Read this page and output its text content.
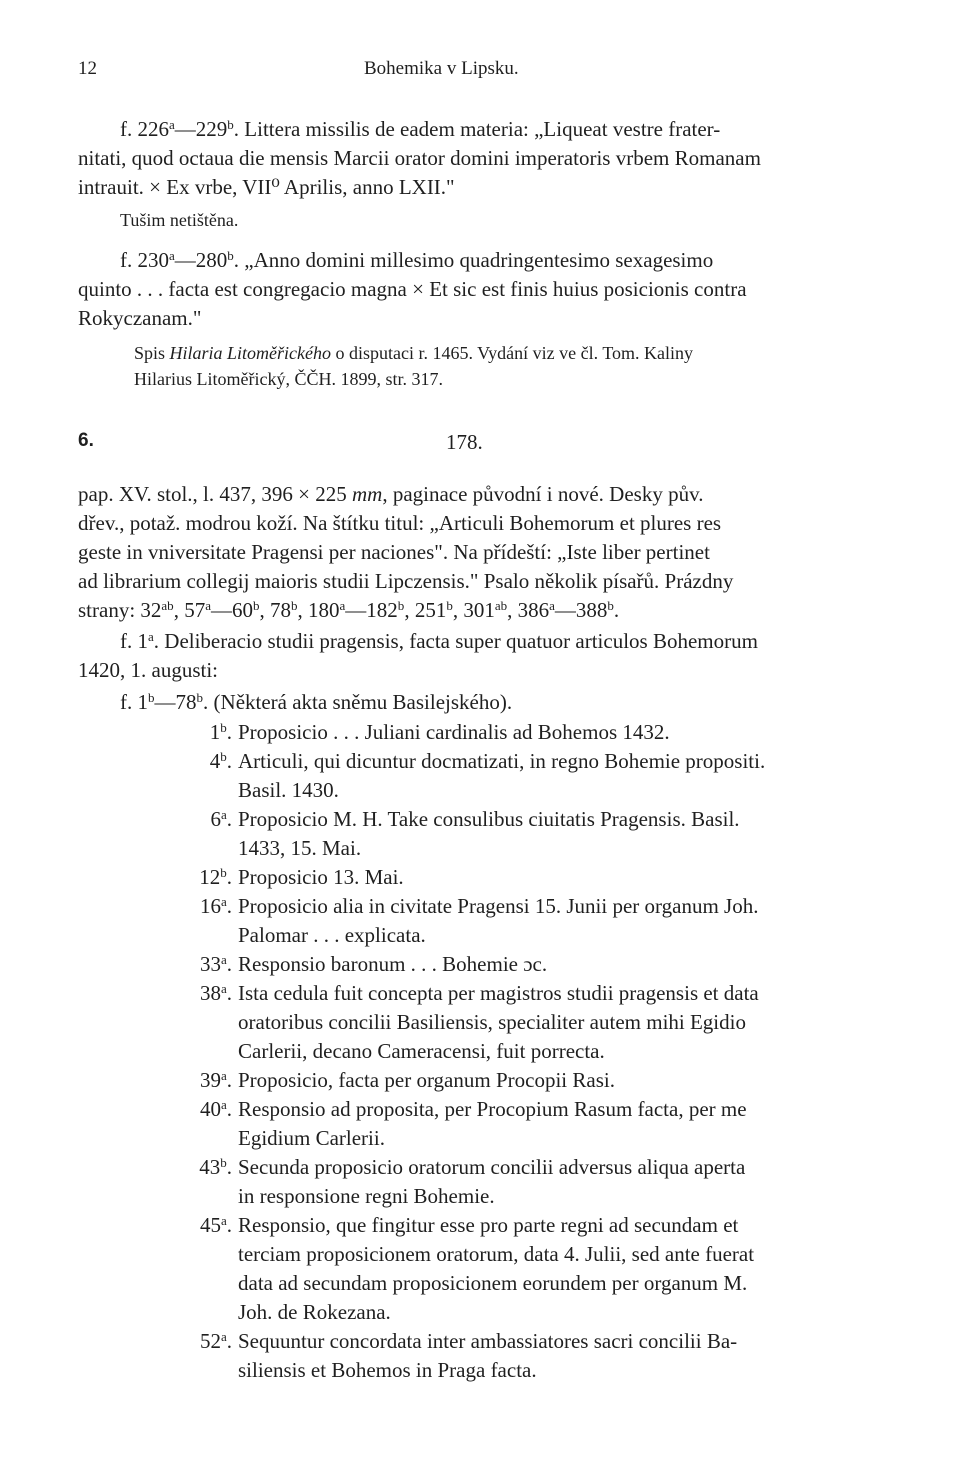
12	Bohemika v Lipsku.
f. 226$^a$—229$^b$. Littera missilis de eadem materia: „Liqueat vestre frater-
nitati, quod octaua die mensis Marcii orator domini imperatoris vrbem Romanam
intrauit. × Ex vrbe, VII⁰ Aprilis, anno LXII."
Tušim netištěna.
f. 230$^a$—280$^b$. „Anno domini millesimo quadringentesimo sexagesimo
quinto . . . facta est congregacio magna × Et sic est finis huius posicionis contra
Rokyczanam."
Spis Hilaria Litoměřického o disputaci r. 1465. Vydání viz ve čl. Tom. Kaliny
Hilarius Litoměřický, ČČH. 1899, str. 317.
6.	178.
pap. XV. stol., l. 437, 396 × 225 mm, paginace původní i nové. Desky pův.
dřev., potaž. modrou koží. Na štítku titul: „Articuli Bohemorum et plures res
geste in vniversitate Pragensi per naciones". Na přídeští: „Iste liber pertinet
ad librarium collegij maioris studii Lipczensis." Psalo několik písařů. Prázdny
strany: $32^{ab}$, 57$^a$—60$^b$, 78$^b$, 180$^a$—182$^b$, 251$^b$, $301^{ab}$, 386$^a$—388$^b$.
f. 1$^a$. Deliberacio studii pragensis, facta super quatuor articulos Bohemorum
1420, 1. augusti:
f. 1$^b$—78$^b$. (Některá akta sněmu Basilejského).
1$^b$. Proposicio . . . Juliani cardinalis ad Bohemos 1432.
4$^b$. Articuli, qui dicuntur docmatizati, in regno Bohemie propositi.
Basil. 1430.
6$^a$. Proposicio M. H. Take consulibus ciuitatis Pragensis. Basil.
1433, 15. Mai.
12$^b$. Proposicio 13. Mai.
16$^a$. Proposicio alia in civitate Pragensi 15. Junii per organum Joh.
Palomar . . . explicata.
33$^a$. Responsio baronum . . . Bohemie ɔc.
38$^a$. Ista cedula fuit concepta per magistros studii pragensis et data
oratoribus concilii Basiliensis, specialiter autem mihi Egidio
Carlerii, decano Cameracensi, fuit porrecta.
39$^a$. Proposicio, facta per organum Procopii Rasi.
40$^a$. Responsio ad proposita, per Procopium Rasum facta, per me
Egidium Carlerii.
43$^b$. Secunda proposicio oratorum concilii adversus aliqua aperta
in responsione regni Bohemie.
45$^a$. Responsio, que fingitur esse pro parte regni ad secundam et
terciam proposicionem oratorum, data 4. Julii, sed ante fuerat
data ad secundam proposicionem eorundem per organum M.
Joh. de Rokezana.
52$^a$. Sequuntur concordata inter ambassiatores sacri concilii Ba-
siliensis et Bohemos in Praga facta.
